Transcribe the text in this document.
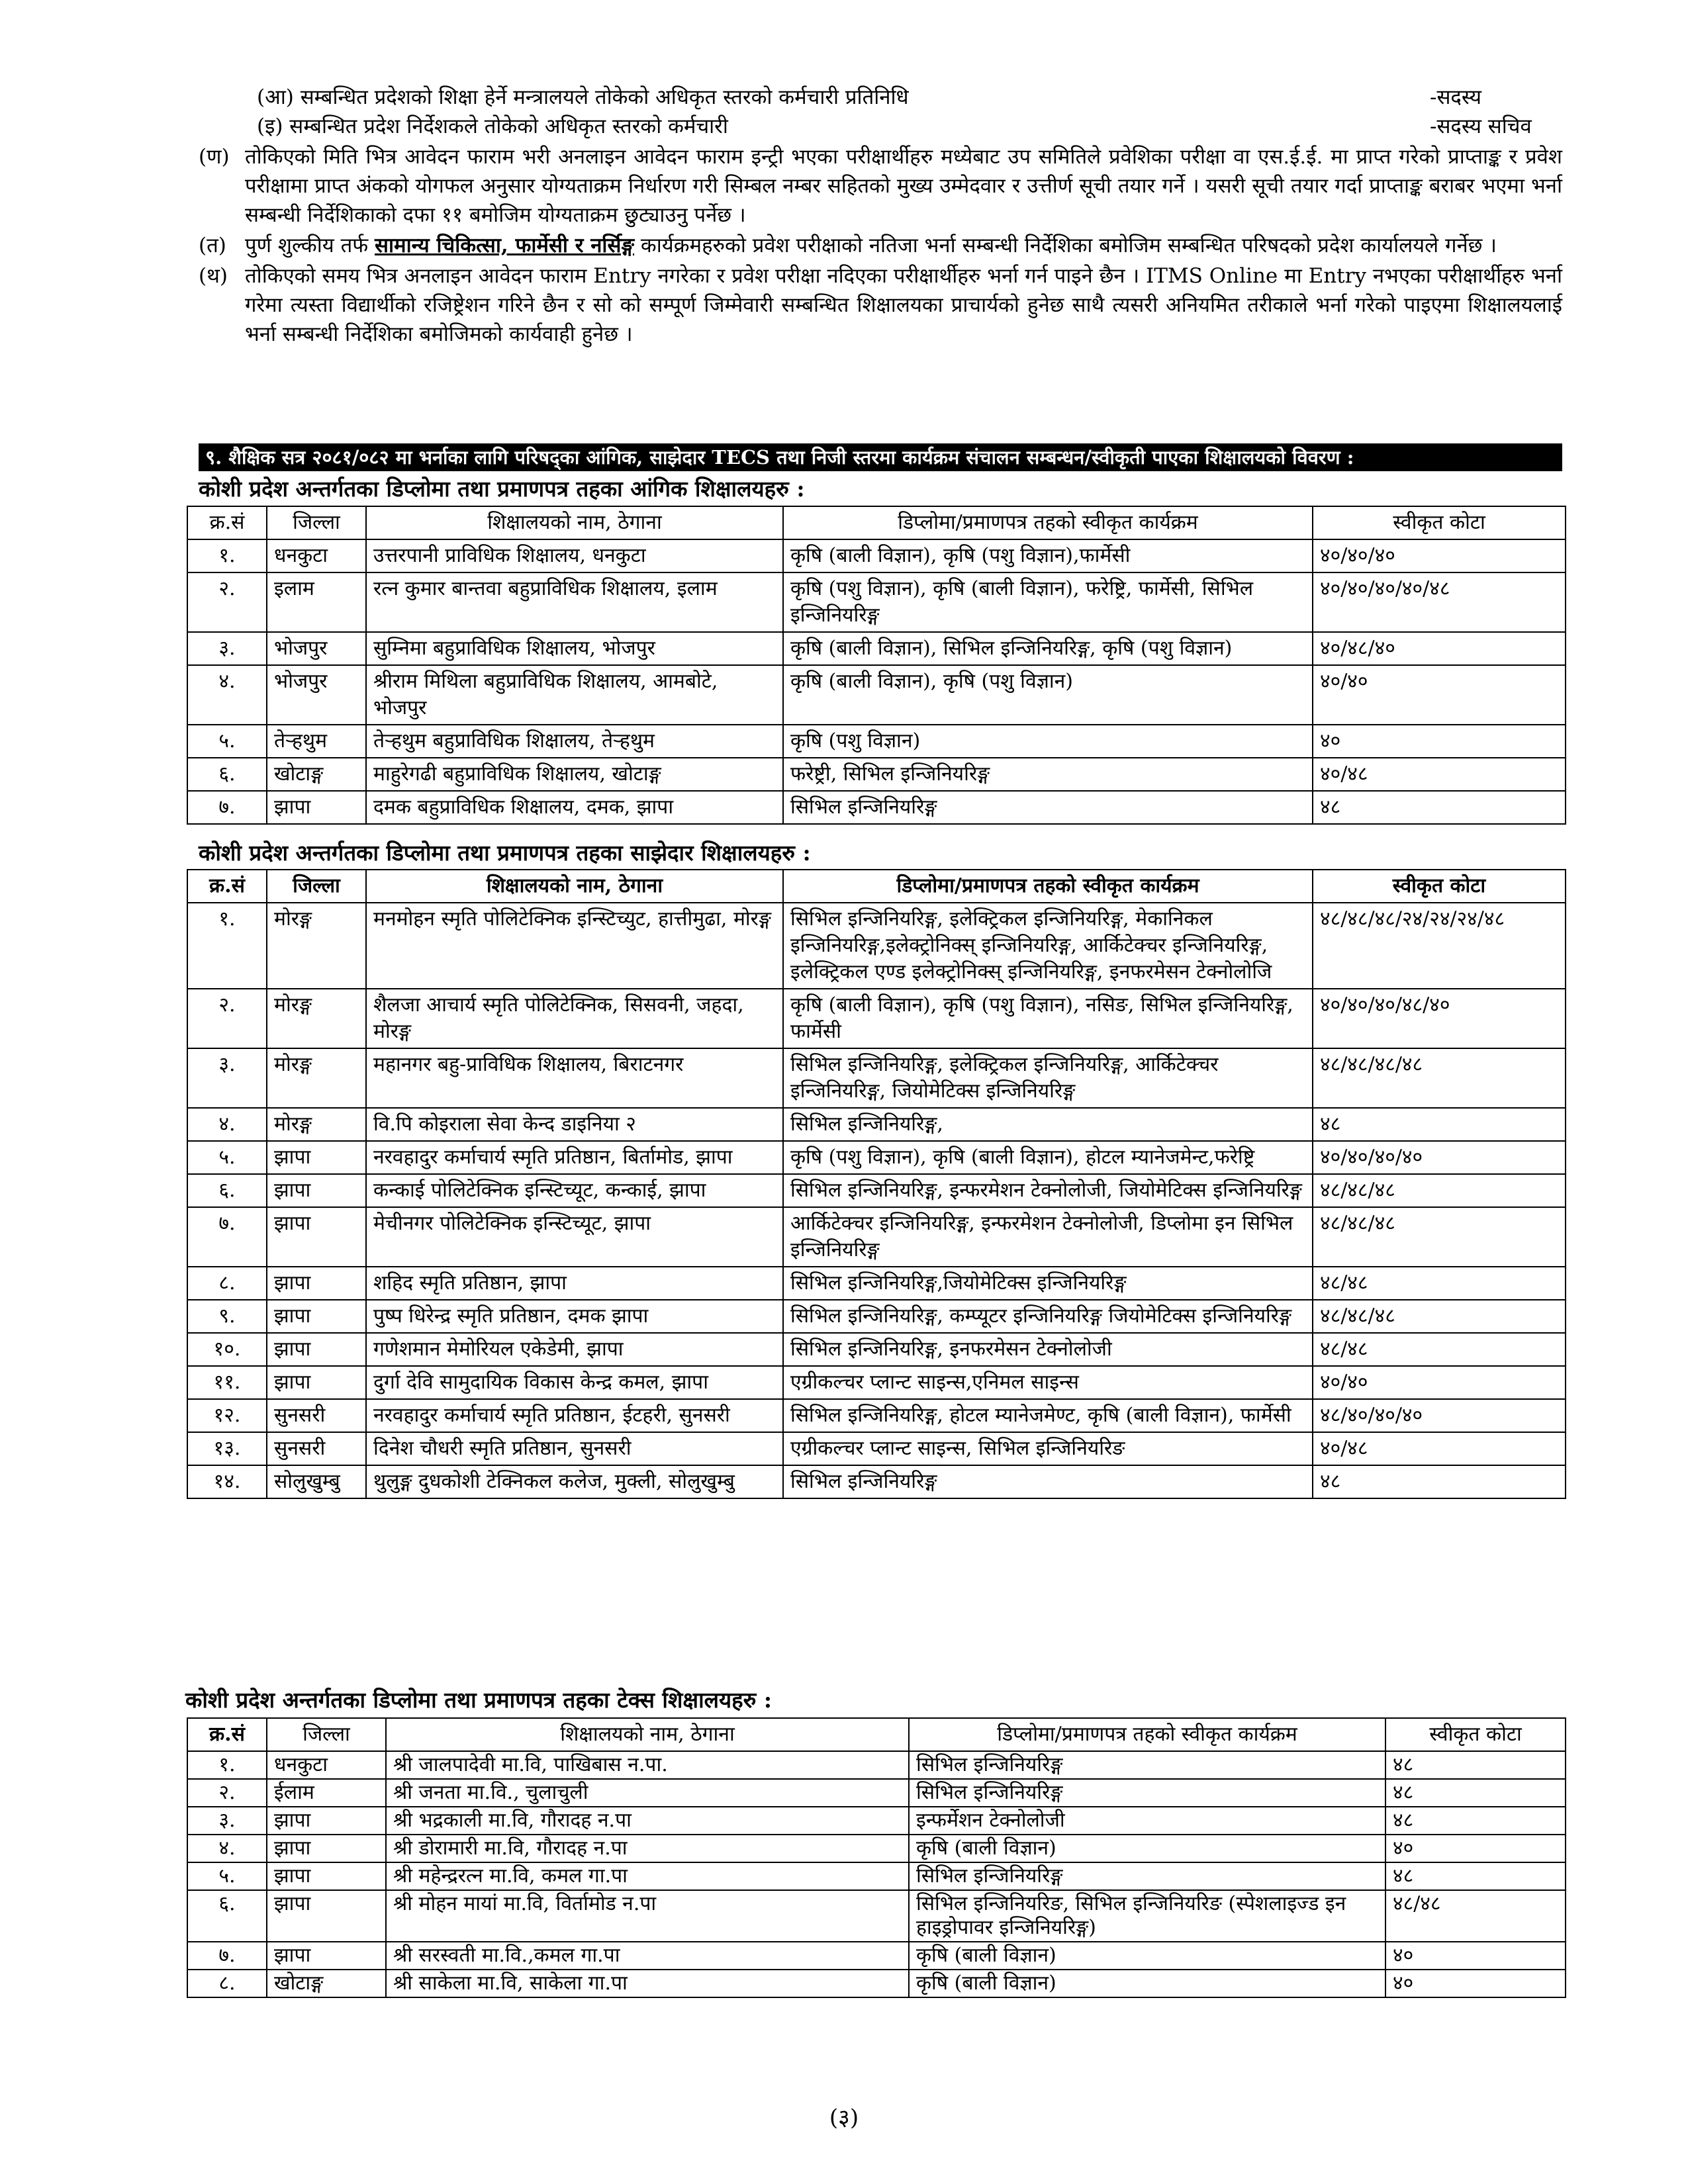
(आ) सम्बन्धित प्रदेशको शिक्षा हेर्ने मन्त्रालयले तोकेको अधिकृत स्तरको कर्मचारी प्रतिनिधि	-सदस्य
(इ) सम्बन्धित प्रदेश निर्देशकले तोकेको अधिकृत स्तरको कर्मचारी	-सदस्य सचिव
(ण) तोकिएको मिति भित्र आवेदन फाराम भरी अनलाइन आवेदन फाराम इन्ट्री भएका परीक्षार्थीहरु मध्येबाट उप समितिले प्रवेशिका परीक्षा वा एस.ई.ई. मा प्राप्त गरेको प्राप्ताङ्क र प्रवेश परीक्षामा प्राप्त अंकको योगफल अनुसार योग्यताक्रम निर्धारण गरी सिम्बल नम्बर सहितको मुख्य उम्मेदवार र उत्तीर्ण सूची तयार गर्ने । यसरी सूची तयार गर्दा प्राप्ताङ्क बराबर भएमा भर्ना सम्बन्धी निर्देशिकाको दफा ११ बमोजिम योग्यताक्रम छुट्याउनु पर्नेछ ।
(त) पुर्ण शुल्कीय तर्फ सामान्य चिकित्सा, फार्मेसी र नर्सिङ्ग कार्यक्रमहरुको प्रवेश परीक्षाको नतिजा भर्ना सम्बन्धी निर्देशिका बमोजिम सम्बन्धित परिषदको प्रदेश कार्यालयले गर्नेछ ।
(थ) तोकिएको समय भित्र अनलाइन आवेदन फाराम Entry नगरेका र प्रवेश परीक्षा नदिएका परीक्षार्थीहरु भर्ना गर्न पाइने छैन । ITMS Online मा Entry नभएका परीक्षार्थीहरु भर्ना गरेमा त्यस्ता विद्यार्थीको रजिष्ट्रेशन गरिने छैन र सो को सम्पूर्ण जिम्मेवारी सम्बन्धित शिक्षालयका प्राचार्यको हुनेछ साथै त्यसरी अनियमित तरीकाले भर्ना गरेको पाइएमा शिक्षालयलाई भर्ना सम्बन्धी निर्देशिका बमोजिमको कार्यवाही हुनेछ ।
९. शैक्षिक सत्र २०८१/०८२ मा भर्नाका लागि परिषद्का आंगिक, साझेदार TECS तथा निजी स्तरमा कार्यक्रम संचालन सम्बन्धन/स्वीकृती पाएका शिक्षालयको विवरण :
कोशी प्रदेश अन्तर्गतका डिप्लोमा तथा प्रमाणपत्र तहका आंगिक शिक्षालयहरु :
क्र.सं	जिल्ला	शिक्षालयको नाम, ठेगाना	डिप्लोमा/प्रमाणपत्र तहको स्वीकृत कार्यक्रम	स्वीकृत कोटा
१.	धनकुटा	उत्तरपानी प्राविधिक शिक्षालय, धनकुटा	कृषि (बाली विज्ञान), कृषि (पशु विज्ञान),फार्मेसी	४०/४०/४०
२.	इलाम	रत्न कुमार बान्तवा बहुप्राविधिक शिक्षालय, इलाम	कृषि (पशु विज्ञान), कृषि (बाली विज्ञान), फरेष्ट्रि, फार्मेसी, सिभिल इन्जिनियरिङ्ग	४०/४०/४०/४०/४८
३.	भोजपुर	सुम्निमा बहुप्राविधिक शिक्षालय, भोजपुर	कृषि (बाली विज्ञान), सिभिल इन्जिनियरिङ्ग, कृषि (पशु विज्ञान)	४०/४८/४०
४.	भोजपुर	श्रीराम मिथिला बहुप्राविधिक शिक्षालय, आमबोटे, भोजपुर	कृषि (बाली विज्ञान), कृषि (पशु विज्ञान)	४०/४०
५.	तेऱ्हथुम	तेऱ्हथुम बहुप्राविधिक शिक्षालय, तेऱ्हथुम	कृषि (पशु विज्ञान)	४०
६.	खोटाङ्ग	माहुरेगढी बहुप्राविधिक शिक्षालय, खोटाङ्ग	फरेष्ट्री, सिभिल इन्जिनियरिङ्ग	४०/४८
७.	झापा	दमक बहुप्राविधिक शिक्षालय, दमक, झापा	सिभिल इन्जिनियरिङ्ग	४८
कोशी प्रदेश अन्तर्गतका डिप्लोमा तथा प्रमाणपत्र तहका साझेदार शिक्षालयहरु :
क्र.सं	जिल्ला	शिक्षालयको नाम, ठेगाना	डिप्लोमा/प्रमाणपत्र तहको स्वीकृत कार्यक्रम	स्वीकृत कोटा
१.	मोरङ्ग	मनमोहन स्मृति पोलिटेक्निक इन्स्टिच्युट, हात्तीमुढा, मोरङ्ग	सिभिल इन्जिनियरिङ्ग, इलेक्ट्रिकल इन्जिनियरिङ्ग, मेकानिकल इन्जिनियरिङ्ग,इलेक्ट्रोनिक्स् इन्जिनियरिङ्ग, आर्किटेक्चर इन्जिनियरिङ्ग, इलेक्ट्रिकल एण्ड इलेक्ट्रोनिक्स् इन्जिनियरिङ्ग, इनफरमेसन टेक्नोलोजि	४८/४८/४८/२४/२४/२४/४८
२.	मोरङ्ग	शैलजा आचार्य स्मृति पोलिटेक्निक, सिसवनी, जहदा, मोरङ्ग	कृषि (बाली विज्ञान), कृषि (पशु विज्ञान), नसिङ, सिभिल इन्जिनियरिङ्ग, फार्मेसी	४०/४०/४०/४८/४०
३.	मोरङ्ग	महानगर बहु-प्राविधिक शिक्षालय, बिराटनगर	सिभिल इन्जिनियरिङ्ग, इलेक्ट्रिकल इन्जिनियरिङ्ग, आर्किटेक्चर इन्जिनियरिङ्ग, जियोमेटिक्स इन्जिनियरिङ्ग	४८/४८/४८/४८
४.	मोरङ्ग	वि.पि कोइराला सेवा केन्द डाइनिया २	सिभिल इन्जिनियरिङ्ग,	४८
५.	झापा	नरवहादुर कर्माचार्य स्मृति प्रतिष्ठान, बिर्तामोड, झापा	कृषि (पशु विज्ञान), कृषि (बाली विज्ञान), होटल म्यानेजमेन्ट,फरेष्ट्रि	४०/४०/४०/४०
६.	झापा	कन्काई पोलिटेक्निक इन्स्टिच्यूट, कन्काई, झापा	सिभिल इन्जिनियरिङ्ग, इन्फरमेशन टेक्नोलोजी, जियोमेटिक्स इन्जिनियरिङ्ग	४८/४८/४८
७.	झापा	मेचीनगर पोलिटेक्निक इन्स्टिच्यूट, झापा	आर्किटेक्चर इन्जिनियरिङ्ग, इन्फरमेशन टेक्नोलोजी, डिप्लोमा इन सिभिल इन्जिनियरिङ्ग	४८/४८/४८
८.	झापा	शहिद स्मृति प्रतिष्ठान, झापा	सिभिल इन्जिनियरिङ्ग,जियोमेटिक्स इन्जिनियरिङ्ग	४८/४८
९.	झापा	पुष्प धिरेन्द्र स्मृति प्रतिष्ठान, दमक झापा	सिभिल इन्जिनियरिङ्ग, कम्प्यूटर इन्जिनियरिङ्ग जियोमेटिक्स इन्जिनियरिङ्ग	४८/४८/४८
१०.	झापा	गणेशमान मेमोरियल एकेडेमी, झापा	सिभिल इन्जिनियरिङ्ग, इनफरमेसन टेक्नोलोजी	४८/४८
११.	झापा	दुर्गा देवि सामुदायिक विकास केन्द्र कमल, झापा	एग्रीकल्चर प्लान्ट साइन्स,एनिमल साइन्स	४०/४०
१२.	सुनसरी	नरवहादुर कर्माचार्य स्मृति प्रतिष्ठान, ईटहरी, सुनसरी	सिभिल इन्जिनियरिङ्ग, होटल म्यानेजमेण्ट, कृषि (बाली विज्ञान), फार्मेसी	४८/४०/४०/४०
१३.	सुनसरी	दिनेश चौधरी स्मृति प्रतिष्ठान, सुनसरी	एग्रीकल्चर प्लान्ट साइन्स, सिभिल इन्जिनियरिङ	४०/४८
१४.	सोलुखुम्बु	थुलुङ्ग दुधकोशी टेक्निकल कलेज, मुक्ली, सोलुखुम्बु	सिभिल इन्जिनियरिङ्ग	४८
कोशी प्रदेश अन्तर्गतका डिप्लोमा तथा प्रमाणपत्र तहका टेक्स शिक्षालयहरु :
क्र.सं	जिल्ला	शिक्षालयको नाम, ठेगाना	डिप्लोमा/प्रमाणपत्र तहको स्वीकृत कार्यक्रम	स्वीकृत कोटा
१.	धनकुटा	श्री जालपादेवी मा.वि, पाखिबास न.पा.	सिभिल इन्जिनियरिङ्ग	४८
२.	ईलाम	श्री जनता मा.वि., चुलाचुली	सिभिल इन्जिनियरिङ्ग	४८
३.	झापा	श्री भद्रकाली मा.वि, गौरादह न.पा	इन्फर्मेशन टेक्नोलोजी	४८
४.	झापा	श्री डोरामारी मा.वि, गौरादह न.पा	कृषि (बाली विज्ञान)	४०
५.	झापा	श्री महेन्द्ररत्न मा.वि, कमल गा.पा	सिभिल इन्जिनियरिङ्ग	४८
६.	झापा	श्री मोहन मायां मा.वि, विर्तामोड न.पा	सिभिल इन्जिनियरिङ, सिभिल इन्जिनियरिङ (स्पेशलाइज्ड इन हाइड्रोपावर इन्जिनियरिङ्ग)	४८/४८
७.	झापा	श्री सरस्वती मा.वि.,कमल गा.पा	कृषि (बाली विज्ञान)	४०
८.	खोटाङ्ग	श्री साकेला मा.वि, साकेला गा.पा	कृषि (बाली विज्ञान)	४०
(३)
